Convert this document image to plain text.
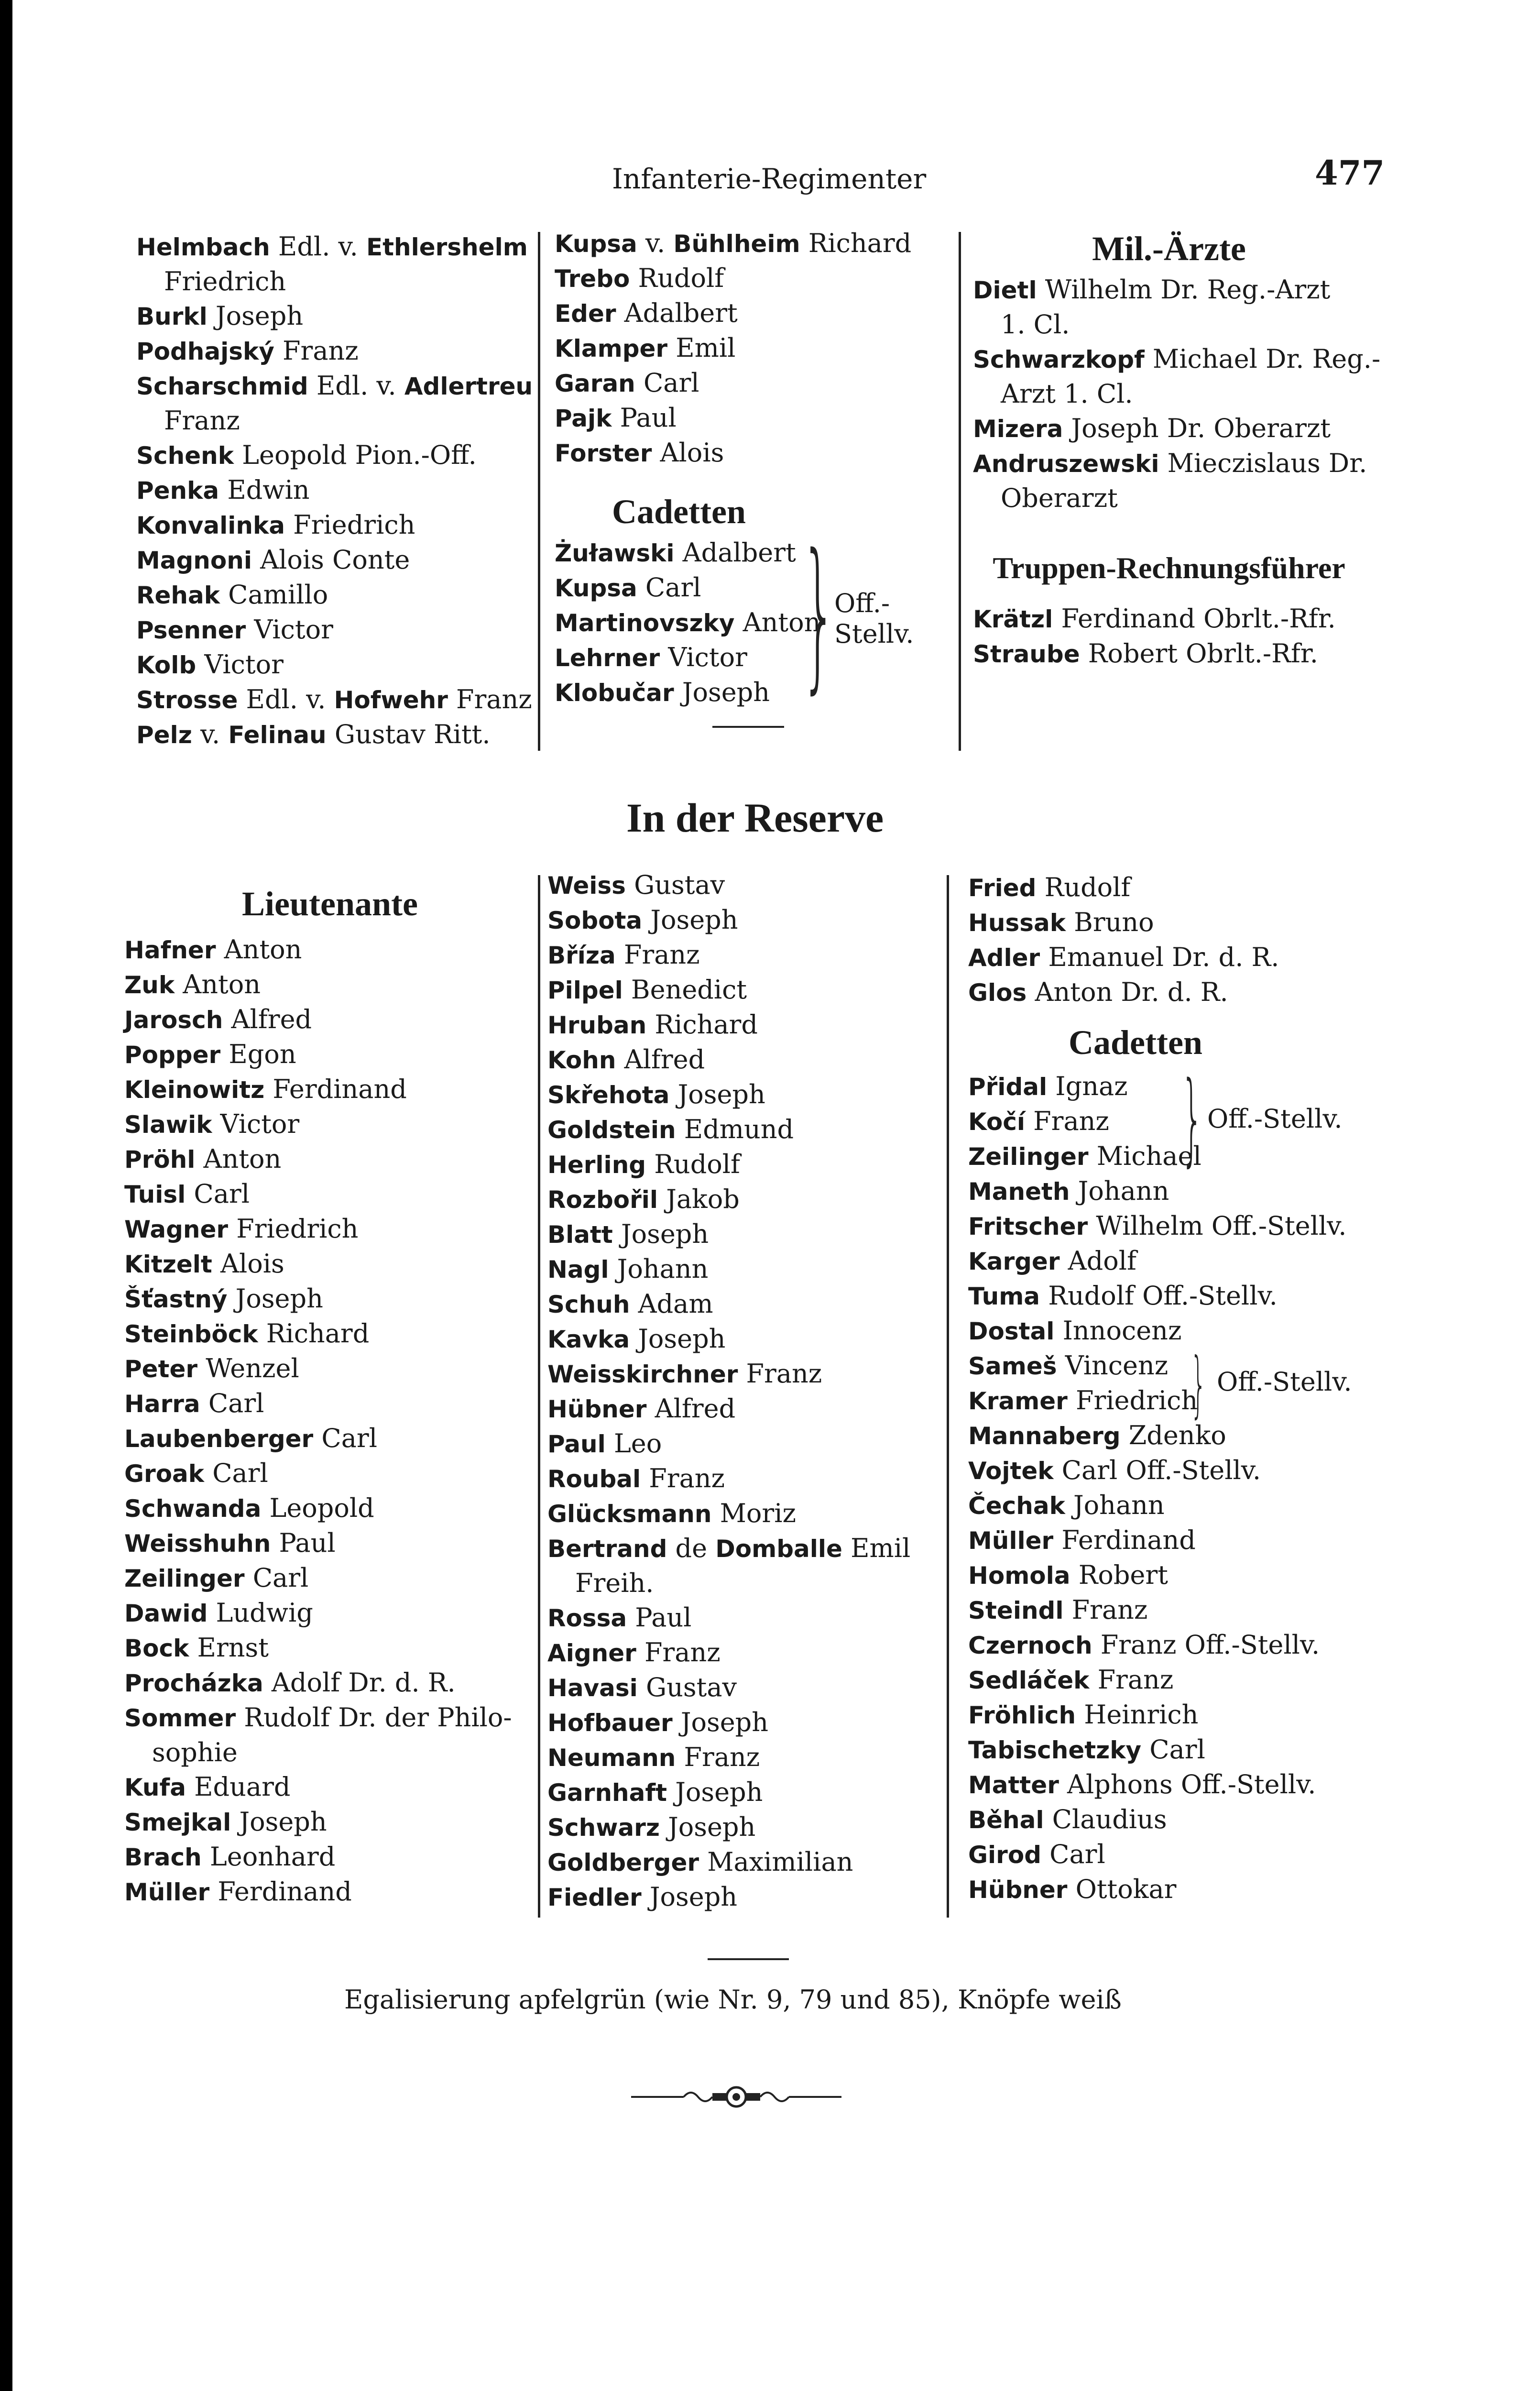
Infanterie-Regimenter	477
Helmbach Edl. v. Ethlershelm
Friedrich
Burkl Joseph
Podhajský Franz
Scharschmid Edl. v. Adlertreu
Franz
Schenk Leopold Pion.-Off.
Penka Edwin
Konvalinka Friedrich
Magnoni Alois Conte
Rehak Camillo
Psenner Victor
Kolb Victor
Strosse Edl. v. Hofwehr Franz
Pelz v. Felinau Gustav Ritt.
Kupsa v. Bühlheim Richard
Trebo Rudolf
Eder Adalbert
Klamper Emil
Garan Carl
Pajk Paul
Forster Alois
Cadetten
Żuławski Adalbert
Kupsa Carl
Martinovszky Anton
Lehrner Victor
Klobučar Joseph }
Off.-
Stellv.
Mil.-Ärzte
Dietl Wilhelm Dr. Reg.-Arzt
1. Cl.
Schwarzkopf Michael Dr. Reg.-
Arzt 1. Cl.
Mizera Joseph Dr. Oberarzt
Andruszewski Mieczislaus Dr.
Oberarzt
Truppen-Rechnungsführer
Krätzl Ferdinand Obrlt.-Rfr.
Straube Robert Obrlt.-Rfr.
In der Reserve
Lieutenante
Hafner Anton
Zuk Anton
Jarosch Alfred
Popper Egon
Kleinowitz Ferdinand
Slawik Victor
Pröhl Anton
Tuisl Carl
Wagner Friedrich
Kitzelt Alois
Šťastný Joseph
Steinböck Richard
Peter Wenzel
Harra Carl
Laubenberger Carl
Groak Carl
Schwanda Leopold
Weisshuhn Paul
Zeilinger Carl
Dawid Ludwig
Bock Ernst
Procházka Adolf Dr. d. R.
Sommer Rudolf Dr. der Philo-
sophie
Kufa Eduard
Smejkal Joseph
Brach Leonhard
Müller Ferdinand
Weiss Gustav
Sobota Joseph
Bříza Franz
Pilpel Benedict
Hruban Richard
Kohn Alfred
Skřehota Joseph
Goldstein Edmund
Herling Rudolf
Rozbořil Jakob
Blatt Joseph
Nagl Johann
Schuh Adam
Kavka Joseph
Weisskirchner Franz
Hübner Alfred
Paul Leo
Roubal Franz
Glücksmann Moriz
Bertrand de Domballe Emil
Freih.
Rossa Paul
Aigner Franz
Havasi Gustav
Hofbauer Joseph
Neumann Franz
Garnhaft Joseph
Schwarz Joseph
Goldberger Maximilian
Fiedler Joseph
Fried Rudolf
Hussak Bruno
Adler Emanuel Dr. d. R.
Glos Anton Dr. d. R.
Cadetten
Přidal Ignaz
Kočí Franz
Zeilinger Michael
} Off.-Stellv.
Maneth Johann
Fritscher Wilhelm Off.-Stellv.
Karger Adolf
Tuma Rudolf Off.-Stellv.
Dostal Innocenz
Sameš Vincenz
Kramer Friedrich
} Off.-Stellv.
Mannaberg Zdenko
Vojtek Carl Off.-Stellv.
Čechak Johann
Müller Ferdinand
Homola Robert
Steindl Franz
Czernoch Franz Off.-Stellv.
Sedláček Franz
Fröhlich Heinrich
Tabischetzky Carl
Matter Alphons Off.-Stellv.
Běhal Claudius
Girod Carl
Hübner Ottokar
Egalisierung apfelgrün (wie Nr. 9, 79 und 85), Knöpfe weiß
